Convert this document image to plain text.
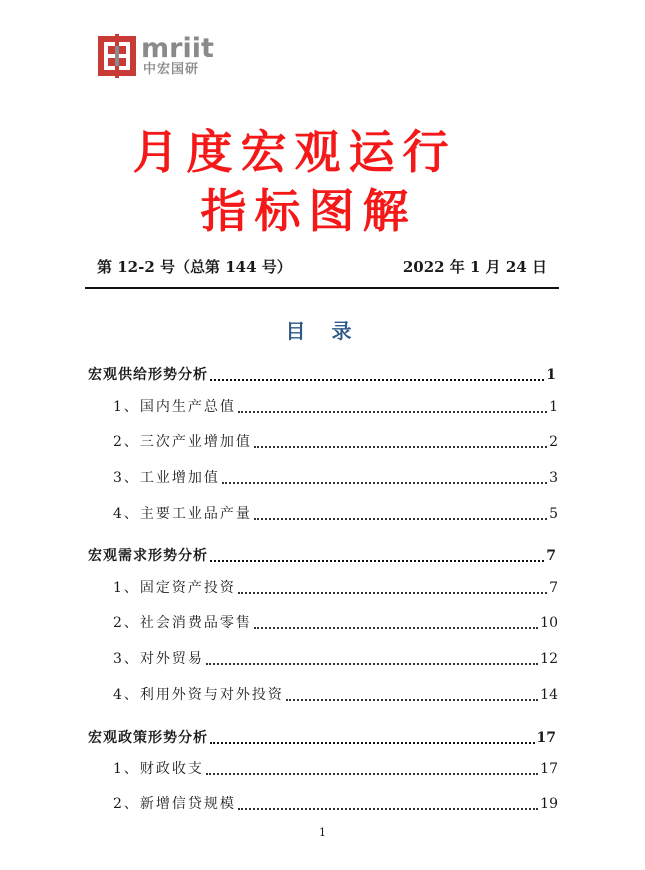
mriit
中宏国研
月度宏观运行
指标图解
第 12-2 号（总第 144 号）	2022 年 1 月 24 日
目录
宏观供给形势分析	1
1、国内生产总值	1
2、三次产业增加值	2
3、工业增加值	3
4、主要工业品产量	5
宏观需求形势分析	7
1、固定资产投资	7
2、社会消费品零售	10
3、对外贸易	12
4、利用外资与对外投资	14
宏观政策形势分析	17
1、财政收支	17
2、新增信贷规模	19
1
